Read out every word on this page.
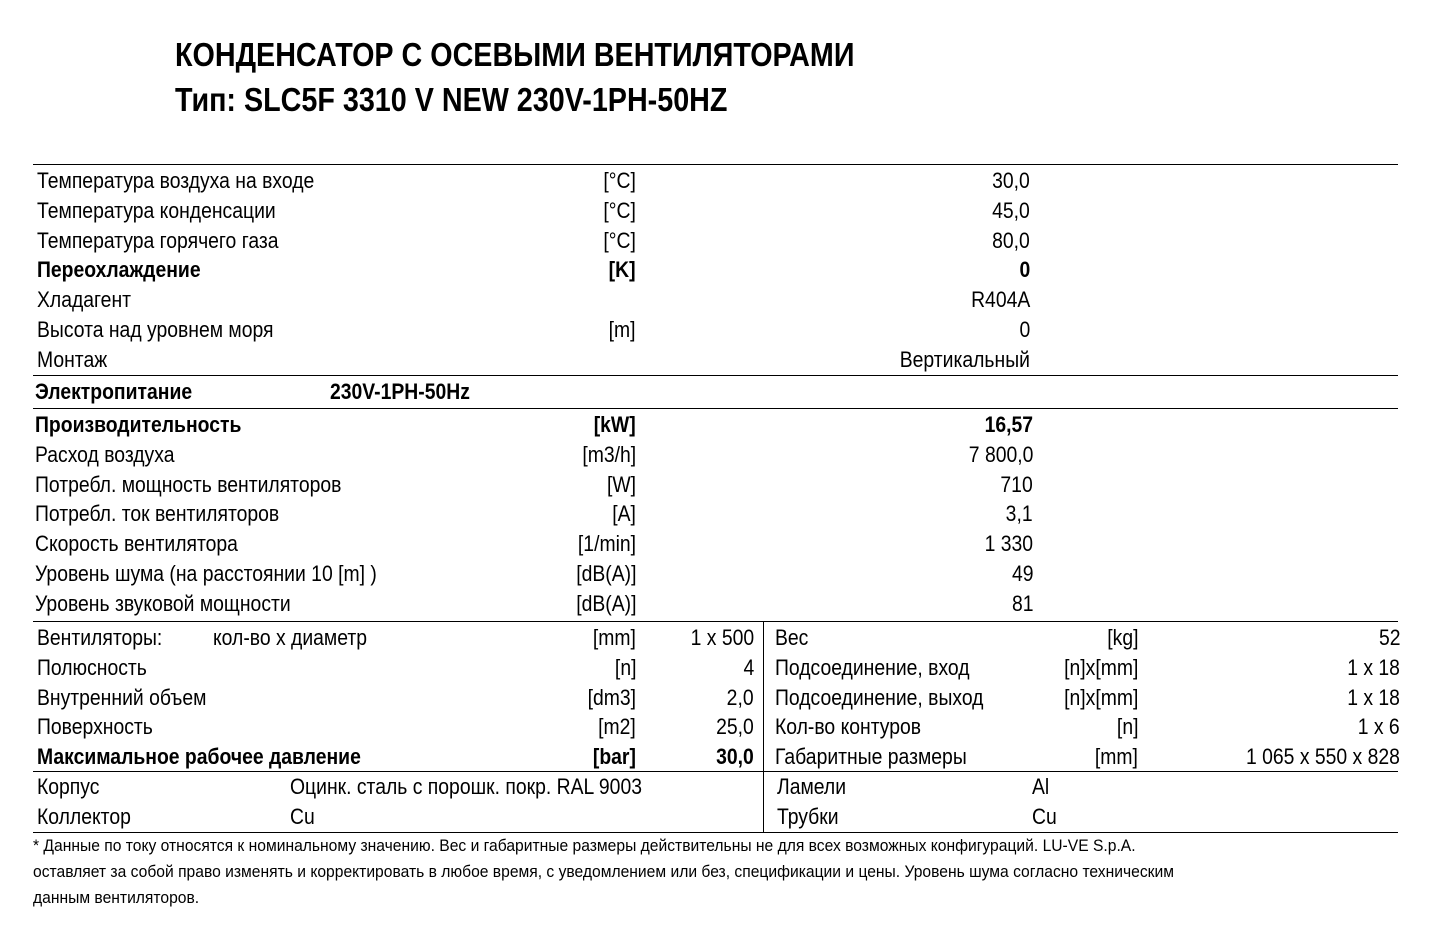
КОНДЕНСАТОР С ОСЕВЫМИ ВЕНТИЛЯТОРАМИ
Тип: SLC5F 3310 V NEW 230V-1PH-50HZ
Температура воздуха на входе	[°C]	30,0
Температура конденсации	[°C]	45,0
Температура горячего газа	[°C]	80,0
Переохлаждение	[K]	0
Хладагент	R404A
Высота над уровнем моря	[m]	0
Монтаж	Вертикальный
Электропитание	230V-1PH-50Hz
Производительность	[kW]	16,57
Расход воздуха	[m3/h]	7 800,0
Потребл. мощность вентиляторов	[W]	710
Потребл. ток вентиляторов	[A]	3,1
Скорость вентилятора	[1/min]	1 330
Уровень шума (на расстоянии 10 [m] )	[dB(A)]	49
Уровень звуковой мощности	[dB(A)]	81
Вентиляторы:	кол-во x диаметр	[mm]	1 x 500
Полюсность	[n]	4
Внутренний объем	[dm3]	2,0
Поверхность	[m2]	25,0
Максимальное рабочее давление	[bar]	30,0
Вес	[kg]	52
Подсоединение, вход	[n]x[mm]	1 x 18
Подсоединение, выход	[n]x[mm]	1 x 18
Кол-во контуров	[n]	1 x 6
Габаритные размеры	[mm]	1 065 x 550 x 828
Корпус	Оцинк. сталь с порошк. покр. RAL 9003
Коллектор	Cu
Ламели	Al
Трубки	Cu
* Данные по току относятся к номинальному значению. Вес и габаритные размеры действительны не для всех возможных конфигураций. LU-VE S.p.A.
оставляет за собой право изменять и корректировать в любое время, с уведомлением или без, спецификации и цены. Уровень шума согласно техническим
данным вентиляторов.
